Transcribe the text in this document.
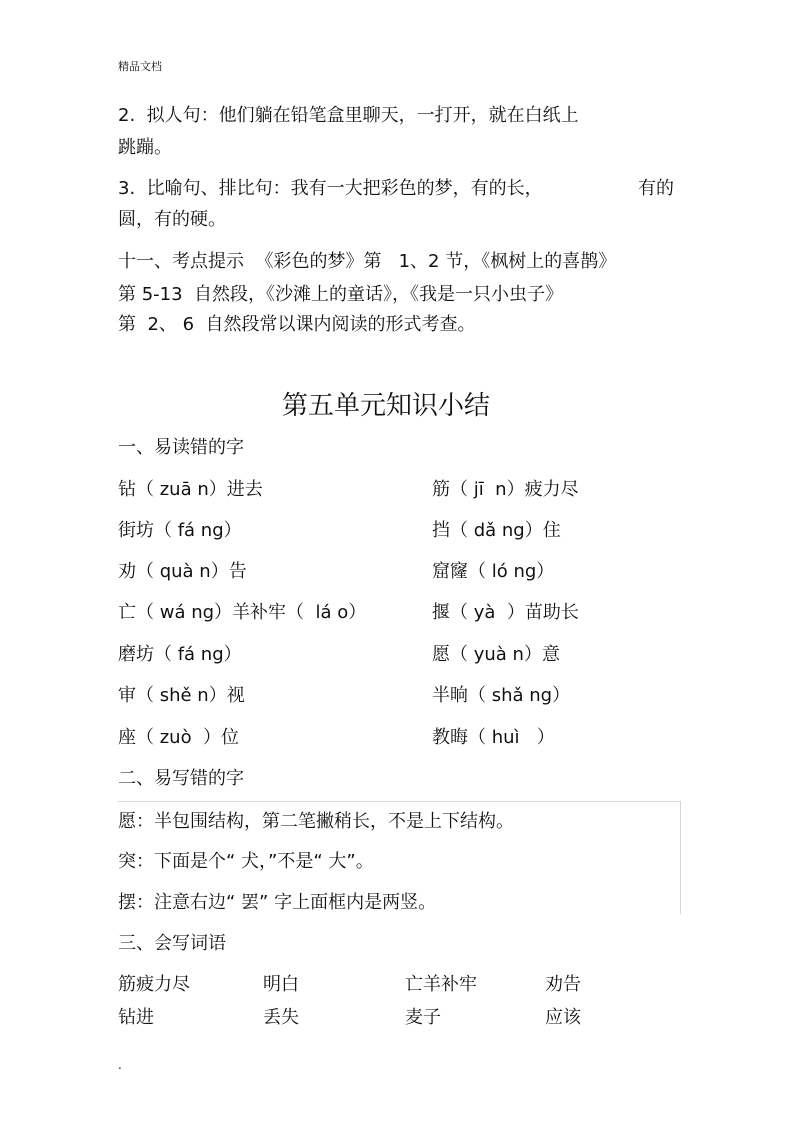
精品文档
2.  拟人句：他们躺在铅笔盒里聊天，一打开，就在白纸上
跳蹦。
3.  比喻句、排比句：我有一大把彩色的梦，有的长，	有的
圆，有的硬。
十一、考点提示  《彩色的梦》第   1、2 节，《枫树上的喜鹊》
第 5-13  自然段，《沙滩上的童话》，《我是一只小虫子》
第  2、 6  自然段常以课内阅读的形式考查。
第五单元知识小结
一、易读错的字
钻（ zuā n）进去	筋（ jī  n）疲力尽
街坊（ fá ng）	挡（ dǎ ng）住
劝（ quà n）告	窟窿（ ló ng）
亡（ wá ng）羊补牢（  lá o）	揠（ yà  ）苗助长
磨坊（ fá ng）	愿（ yuà n）意
审（ shě n）视	半晌（ shǎ ng）
座（ zuò  ）位	教晦（ huì   ）
二、易写错的字
愿：半包围结构，第二笔撇稍长，不是上下结构。
突：下面是个“ 犬，”不是“ 大”。
摆：注意右边“ 罢” 字上面框内是两竖。
三、会写词语
筋疲力尽	明白	亡羊补牢	劝告
钻进	丢失	麦子	应该
.
